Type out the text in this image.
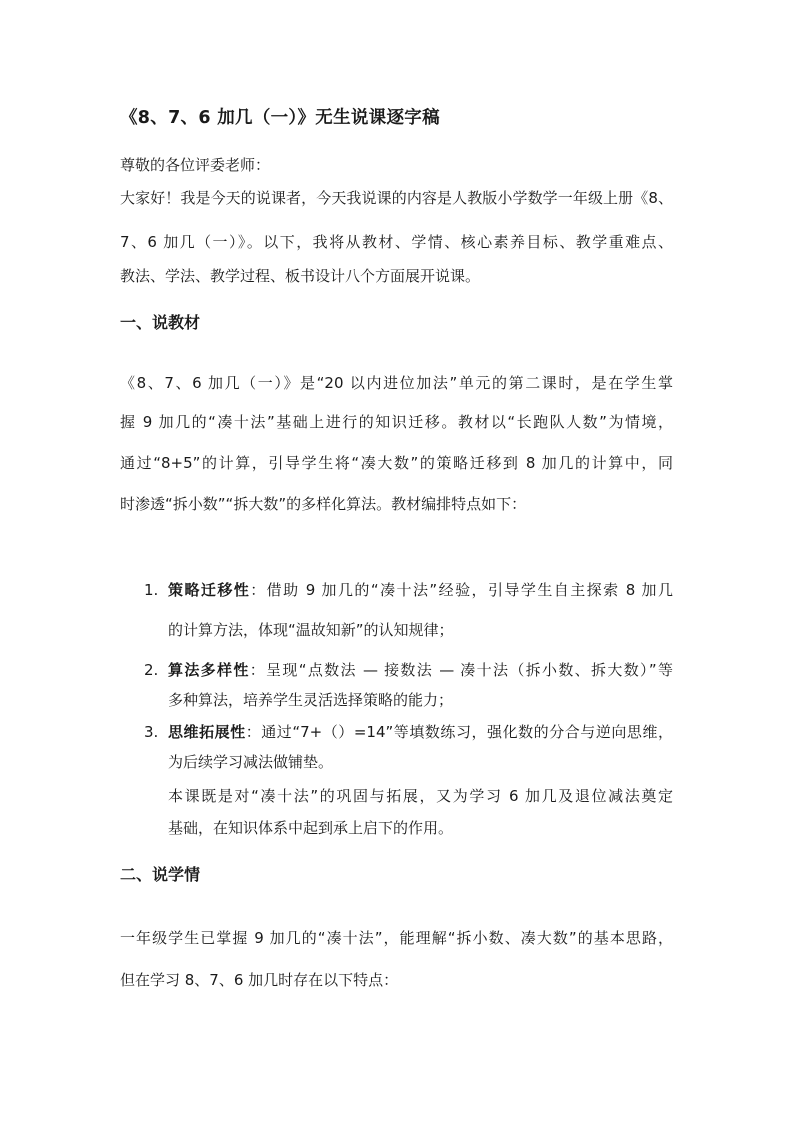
《8、7、6 加几（一）》无生说课逐字稿
尊敬的各位评委老师：
大家好！我是今天的说课者，今天我说课的内容是人教版小学数学一年级上册《8、
7、6 加几（一）》。以下，我将从教材、学情、核心素养目标、教学重难点、
教法、学法、教学过程、板书设计八个方面展开说课。
一、说教材
《8、7、6 加几（一）》是“20 以内进位加法”单元的第二课时，是在学生掌
握 9 加几的“凑十法”基础上进行的知识迁移。教材以“长跑队人数”为情境，
通过“8+5”的计算，引导学生将“凑大数”的策略迁移到 8 加几的计算中，同
时渗透“拆小数”“拆大数”的多样化算法。教材编排特点如下：
1. 策略迁移性：借助 9 加几的“凑十法”经验，引导学生自主探索 8 加几
的计算方法，体现“温故知新”的认知规律；
2. 算法多样性：呈现“点数法 — 接数法 — 凑十法（拆小数、拆大数）”等
多种算法，培养学生灵活选择策略的能力；
3. 思维拓展性：通过“7+（）=14”等填数练习，强化数的分合与逆向思维，
为后续学习减法做铺垫。
本课既是对“凑十法”的巩固与拓展，又为学习 6 加几及退位减法奠定
基础，在知识体系中起到承上启下的作用。
二、说学情
一年级学生已掌握 9 加几的“凑十法”，能理解“拆小数、凑大数”的基本思路，
但在学习 8、7、6 加几时存在以下特点：
